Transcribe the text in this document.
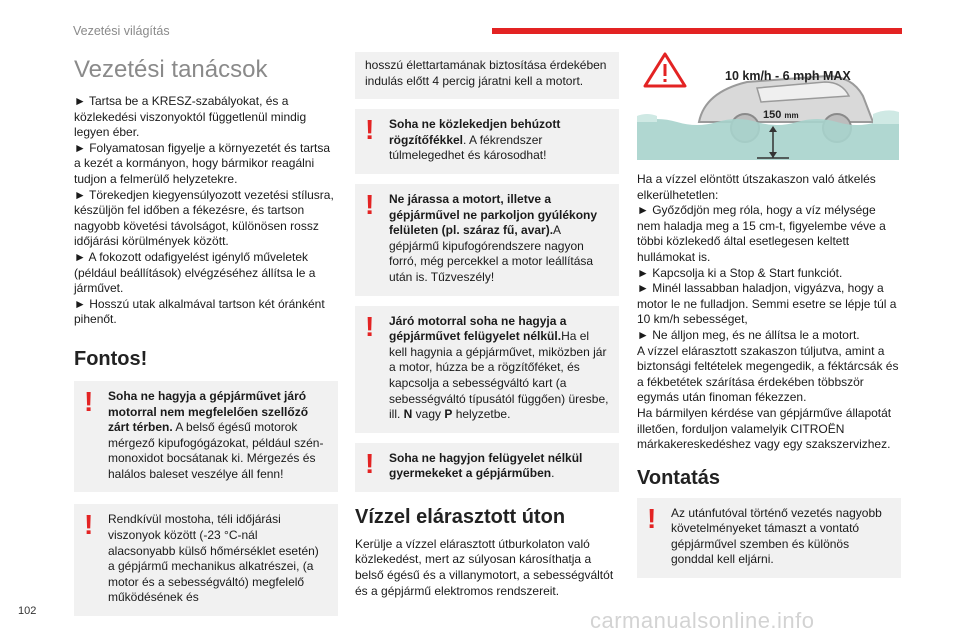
Vezetési világítás
Vezetési tanácsok

► Tartsa be a KRESZ-szabályokat, és a közlekedési viszonyoktól függetlenül mindig legyen éber.

► Folyamatosan figyelje a környezetét és tartsa a kezét a kormányon, hogy bármikor reagálni tudjon a felmerülő helyzetekre.

► Törekedjen kiegyensúlyozott vezetési stílusra, készüljön fel időben a fékezésre, és tartson nagyobb követési távolságot, különösen rossz időjárási körülmények között.

► A fokozott odafigyelést igénylő műveletek (például beállítások) elvégzéséhez állítsa le a járművet.

► Hosszú utak alkalmával tartson két óránként pihenőt.

Fontos!
!	Soha ne hagyja a gépjárművet járó motorral nem megfelelően szellőző zárt térben. A belső égésű motorok mérgező kipufogógázokat, például szén-monoxidot bocsátanak ki. Mérgezés és halálos baleset veszélye áll fenn!
!	Rendkívül mostoha, téli időjárási viszonyok között (-23 °C-nál alacsonyabb külső hőmérséklet esetén) a gépjármű mechanikus alkatrészei, (a motor és a sebességváltó) megfelelő működésének és
hosszú élettartamának biztosítása érdekében indulás előtt 4 percig járatni kell a motort.
!	Soha ne közlekedjen behúzott rögzítőfékkel. A fékrendszer túlmelegedhet és károsodhat!
!	Ne járassa a motort, illetve a gépjárművel ne parkoljon gyúlékony felületen (pl. száraz fű, avar).A gépjármű kipufogórendszere nagyon forró, még percekkel a motor leállítása után is. Tűzveszély!
!	Járó motorral soha ne hagyja a gépjárművet felügyelet nélkül.Ha el kell hagynia a gépjárművet, miközben jár a motor, húzza be a rögzítőféket, és kapcsolja a sebességváltó kart (a sebességváltó típusától függően) üresbe, ill. N vagy P helyzetbe.
!	Soha ne hagyjon felügyelet nélkül gyermekeket a gépjárműben.
Vízzel elárasztott úton

Kerülje a vízzel elárasztott útburkolaton való közlekedést, mert az súlyosan károsíthatja a belső égésű és a villanymotort, a sebességváltót és a gépjármű elektromos rendszereit.

10 km/h - 6 mph MAX
150 mm

Ha a vízzel elöntött útszakaszon való átkelés elkerülhetetlen:

► Győződjön meg róla, hogy a víz mélysége nem haladja meg a 15 cm-t, figyelembe véve a többi közlekedő által esetlegesen keltett hullámokat is.

► Kapcsolja ki a Stop & Start funkciót.

► Minél lassabban haladjon, vigyázva, hogy a motor le ne fulladjon. Semmi esetre se lépje túl a 10 km/h sebességet,

► Ne álljon meg, és ne állítsa le a motort.

A vízzel elárasztott szakaszon túljutva, amint a biztonsági feltételek megengedik, a féktárcsák és a fékbetétek szárítása érdekében többször egymás után finoman fékezzen.

Ha bármilyen kérdése van gépjárműve állapotát illetően, forduljon valamelyik CITROËN márkakereskedéshez vagy egy szakszervizhez.

Vontatás
!	Az utánfutóval történő vezetés nagyobb követelményeket támaszt a vontató gépjárművel szemben és különös gonddal kell eljárni.
102	carmanualsonline.info
